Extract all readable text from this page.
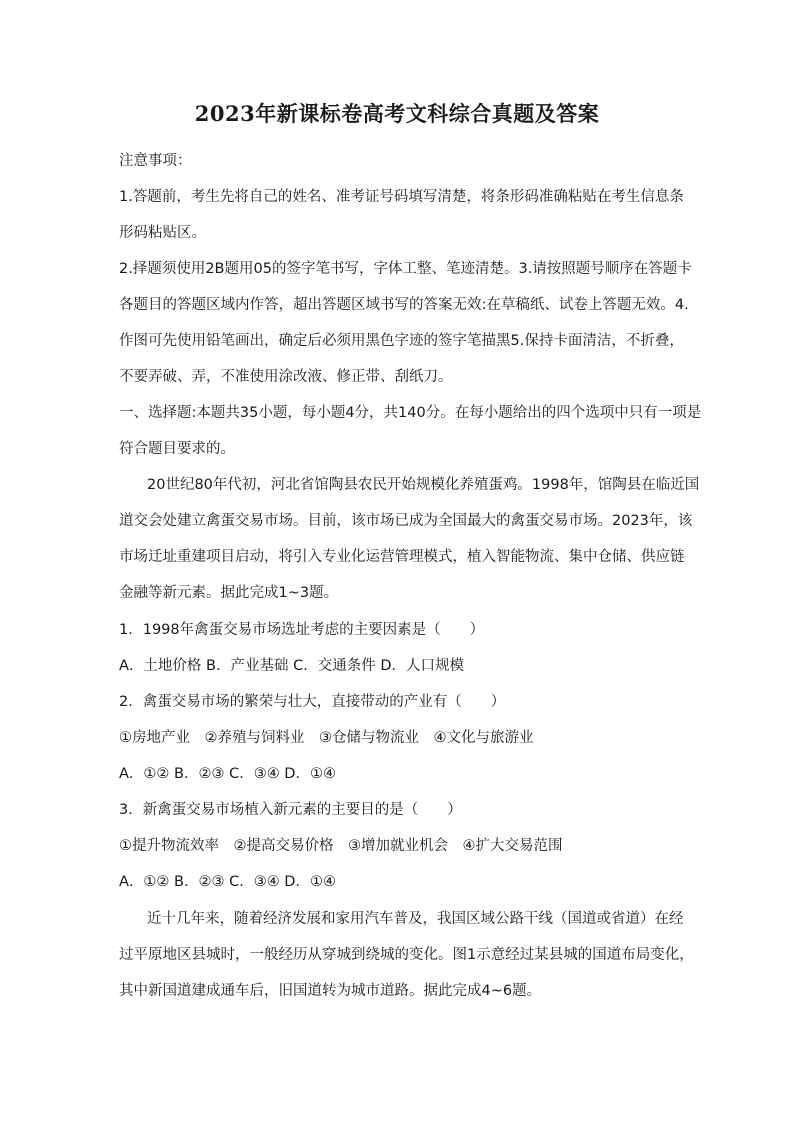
2023年新课标卷高考文科综合真题及答案
注意事项：
1.答题前，考生先将自己的姓名、准考证号码填写清楚，将条形码准确粘贴在考生信息条
形码粘贴区。
2.择题须使用2B题用05的签字笔书写，字体工整、笔迹清楚。3.请按照题号顺序在答题卡
各题目的答题区域内作答，超出答题区域书写的答案无效:在草稿纸、试卷上答题无效。4.
作图可先使用铅笔画出，确定后必须用黑色字迹的签字笔描黑5.保持卡面清洁，不折叠，
不要弄破、弄，不准使用涂改液、修正带、刮纸刀。
一、选择题:本题共35小题，每小题4分，共140分。在每小题给出的四个选项中只有一项是
符合题目要求的。
20世纪80年代初，河北省馆陶县农民开始规模化养殖蛋鸡。1998年，馆陶县在临近国
道交会处建立禽蛋交易市场。目前，该市场已成为全国最大的禽蛋交易市场。2023年，该
市场迁址重建项目启动，将引入专业化运营管理模式，植入智能物流、集中仓储、供应链
金融等新元素。据此完成1~3题。
1．1998年禽蛋交易市场选址考虑的主要因素是（　　）
A．土地价格 B．产业基础 C．交通条件 D．人口规模
2．禽蛋交易市场的繁荣与壮大，直接带动的产业有（　　）
①房地产业　②养殖与饲料业　③仓储与物流业　④文化与旅游业
A．①② B．②③ C．③④ D．①④
3．新禽蛋交易市场植入新元素的主要目的是（　　）
①提升物流效率　②提高交易价格　③增加就业机会　④扩大交易范围
A．①② B．②③ C．③④ D．①④
近十几年来，随着经济发展和家用汽车普及，我国区域公路干线（国道或省道）在经
过平原地区县城时，一般经历从穿城到绕城的变化。图1示意经过某县城的国道布局变化，
其中新国道建成通车后，旧国道转为城市道路。据此完成4~6题。
